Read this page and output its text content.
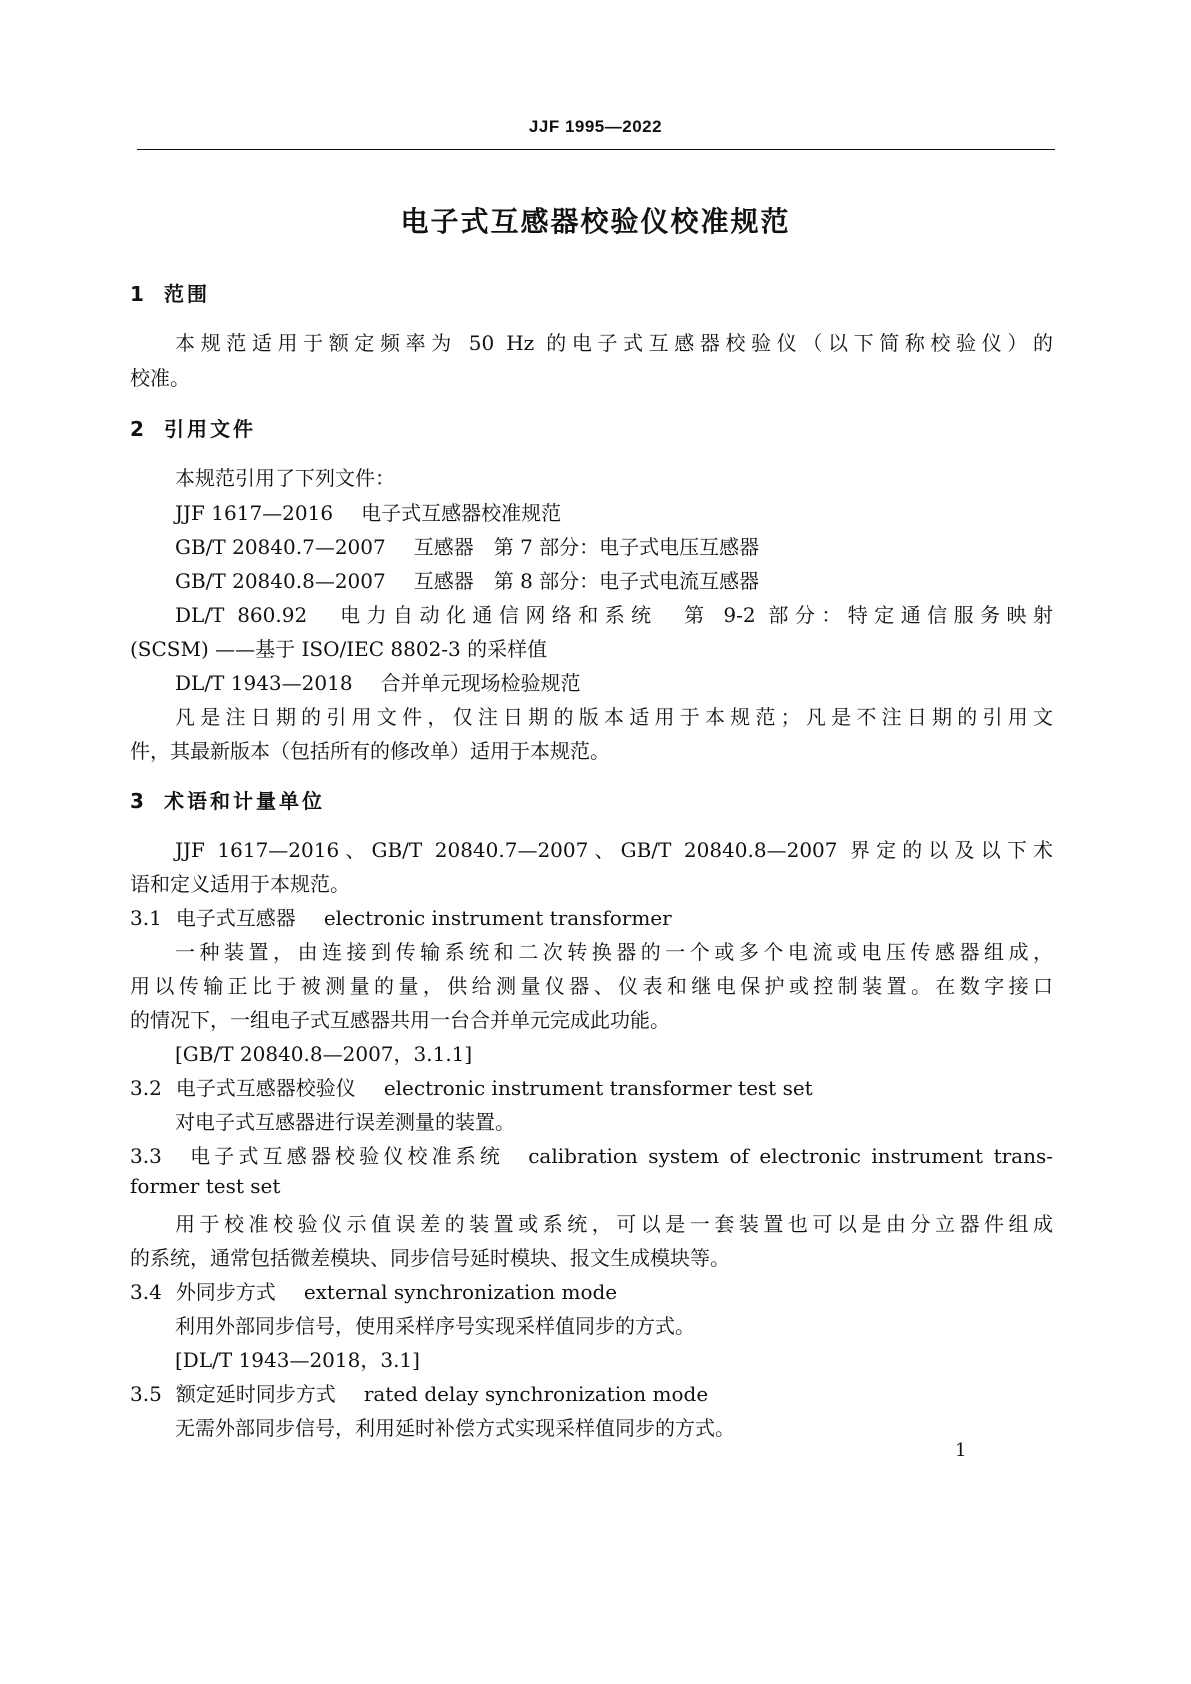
JJF 1995—2022
电子式互感器校验仪校准规范
1 范围
本规范适用于额定频率为 50 Hz 的电子式互感器校验仪（以下简称校验仪）的
校准。
2 引用文件
本规范引用了下列文件：
JJF 1617—2016 电子式互感器校准规范
GB/T 20840.7—2007 互感器　第 7 部分：电子式电压互感器
GB/T 20840.8—2007 互感器　第 8 部分：电子式电流互感器
DL/T 860.92　电力自动化通信网络和系统　第 9-2 部分：特定通信服务映射
(SCSM) ——基于 ISO/IEC 8802-3 的采样值
DL/T 1943—2018 合并单元现场检验规范
凡是注日期的引用文件，仅注日期的版本适用于本规范；凡是不注日期的引用文
件，其最新版本（包括所有的修改单）适用于本规范。
3 术语和计量单位
JJF 1617—2016、GB/T 20840.7—2007、GB/T 20840.8—2007 界定的以及以下术
语和定义适用于本规范。
3.1 电子式互感器 electronic instrument transformer
一种装置，由连接到传输系统和二次转换器的一个或多个电流或电压传感器组成，
用以传输正比于被测量的量，供给测量仪器、仪表和继电保护或控制装置。在数字接口
的情况下，一组电子式互感器共用一台合并单元完成此功能。
[GB/T 20840.8—2007，3.1.1]
3.2 电子式互感器校验仪 electronic instrument transformer test set
对电子式互感器进行误差测量的装置。
3.3　电子式互感器校验仪校准系统　calibration system of electronic instrument trans-
former test set
用于校准校验仪示值误差的装置或系统，可以是一套装置也可以是由分立器件组成
的系统，通常包括微差模块、同步信号延时模块、报文生成模块等。
3.4 外同步方式 external synchronization mode
利用外部同步信号，使用采样序号实现采样值同步的方式。
[DL/T 1943—2018，3.1]
3.5 额定延时同步方式 rated delay synchronization mode
无需外部同步信号，利用延时补偿方式实现采样值同步的方式。
1
